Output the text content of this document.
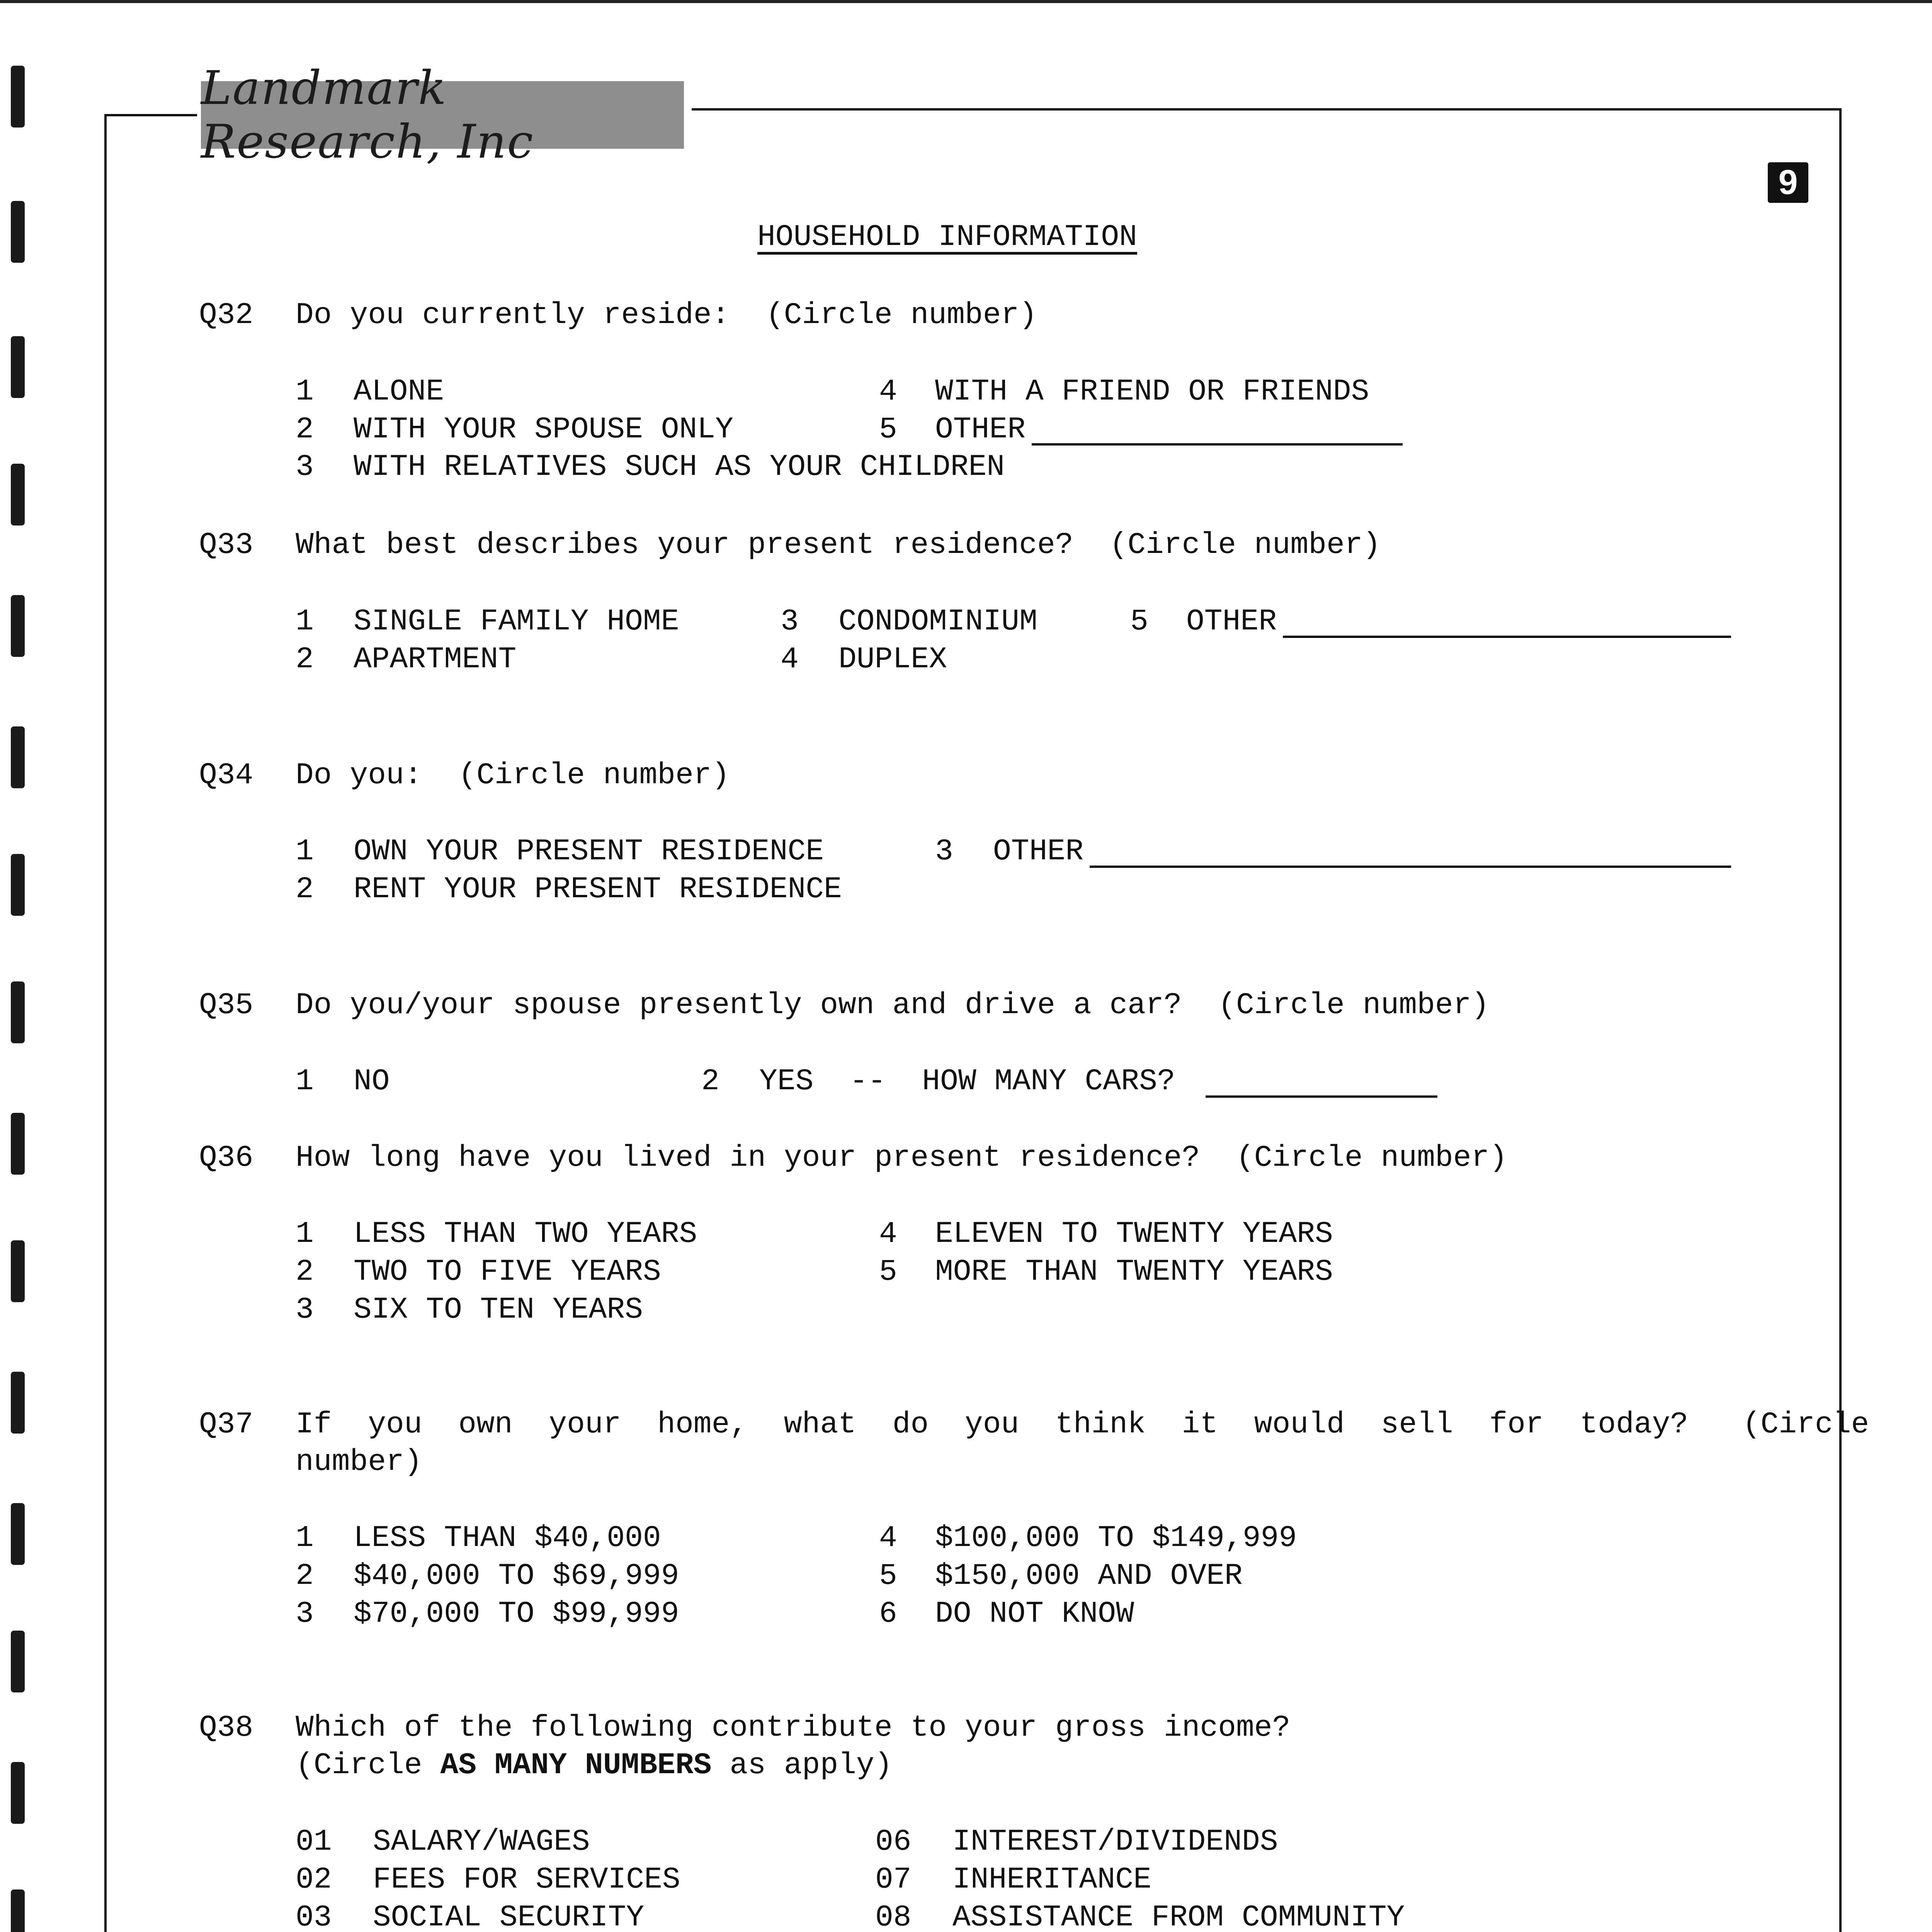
Landmark Research, Inc
9
HOUSEHOLD INFORMATION
Q32 Do you currently reside:  (Circle number)
1 ALONE
2 WITH YOUR SPOUSE ONLY
3 WITH RELATIVES SUCH AS YOUR CHILDREN
4 WITH A FRIEND OR FRIENDS
5 OTHER
Q33 What best describes your present residence?  (Circle number)
1 SINGLE FAMILY HOME
2 APARTMENT
3 CONDOMINIUM
4 DUPLEX
5 OTHER
Q34 Do you:  (Circle number)
1 OWN YOUR PRESENT RESIDENCE
2 RENT YOUR PRESENT RESIDENCE
3 OTHER
Q35 Do you/your spouse presently own and drive a car?  (Circle number)
1 NO	2 YES  --  HOW MANY CARS?
Q36 How long have you lived in your present residence?  (Circle number)
1 LESS THAN TWO YEARS
2 TWO TO FIVE YEARS
3 SIX TO TEN YEARS
4 ELEVEN TO TWENTY YEARS
5 MORE THAN TWENTY YEARS
Q37 If  you  own  your  home,  what  do  you  think  it  would  sell  for  today?   (Circle
number)
1 LESS THAN $40,000
2 $40,000 TO $69,999
3 $70,000 TO $99,999
4 $100,000 TO $149,999
5 $150,000 AND OVER
6 DO NOT KNOW
Q38 Which of the following contribute to your gross income?
(Circle AS MANY NUMBERS as apply)
01 SALARY/WAGES
02 FEES FOR SERVICES
03 SOCIAL SECURITY
06 INTEREST/DIVIDENDS
07 INHERITANCE
08 ASSISTANCE FROM COMMUNITY
